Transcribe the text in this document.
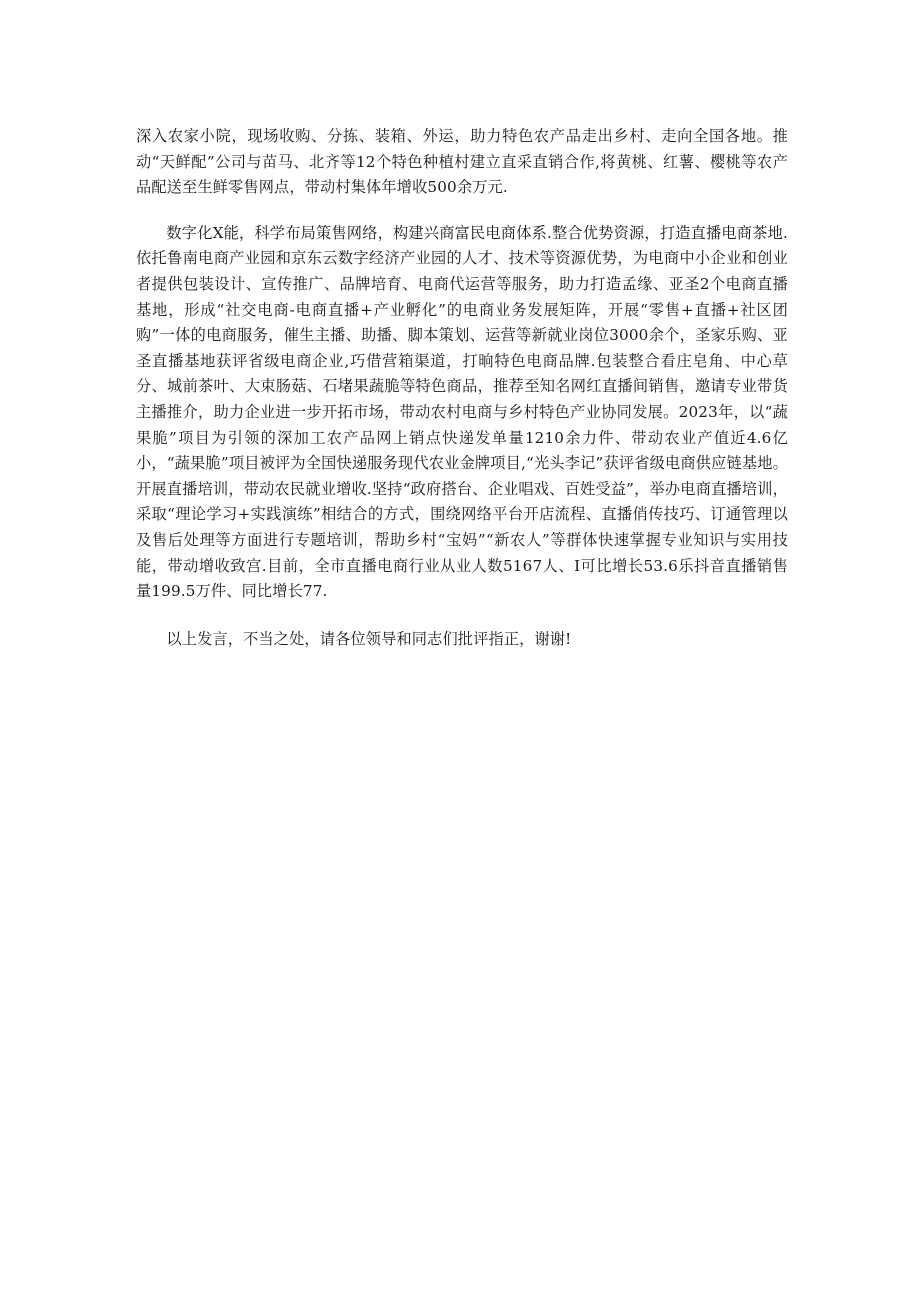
深入农家小院，现场收购、分拣、装箱、外运，助力特色农产品走出乡村、走向全国各地。推动“天鲜配”公司与苗马、北齐等12个特色种植村建立直采直销合作,将黄桃、红薯、樱桃等农产品配送至生鲜零售网点，带动村集体年增收500余万元.

数字化X能，科学布局策售网络，构建兴商富民电商体系.整合优势资源，打造直播电商茶地.依托鲁南电商产业园和京东云数字经济产业园的人才、技术等资源优势，为电商中小企业和创业者提供包装设计、宣传推广、品牌培育、电商代运营等服务，助力打造孟缘、亚圣2个电商直播基地，形成“社交电商-电商直播+产业孵化”的电商业务发展矩阵，开展“零售+直播+社区团购”一体的电商服务，催生主播、助播、脚本策划、运营等新就业岗位3000余个，圣家乐购、亚圣直播基地获评省级电商企业,巧借营箱渠道，打晌特色电商品牌.包装整合看庄皂角、中心草分、城前茶叶、大束肠菇、石堵果蔬脆等特色商品，推荐至知名网红直播间销售，邀请专业带货主播推介，助力企业进一步开拓市场，带动农村电商与乡村特色产业协同发展。2023年，以“蔬果脆”项目为引领的深加工农产品网上销点快递发单量1210余力件、带动农业产值近4.6亿小，“蔬果脆”项目被评为全国快递服务现代农业金牌项目,“光头李记”获评省级电商供应链基地。开展直播培训，带动农民就业增收.坚持“政府搭台、企业唱戏、百姓受益”，举办电商直播培训，采取“理论学习+实践演练”相结合的方式，围绕网络平台开店流程、直播俏传技巧、订通管理以及售后处理等方面进行专题培训，帮助乡村“宝妈”“新农人”等群体快速掌握专业知识与实用技能，带动增收致宫.目前，全市直播电商行业从业人数5167人、I可比增长53.6乐抖音直播销售量199.5万件、同比增长77.

以上发言，不当之处，请各位领导和同志们批评指正，谢谢!
